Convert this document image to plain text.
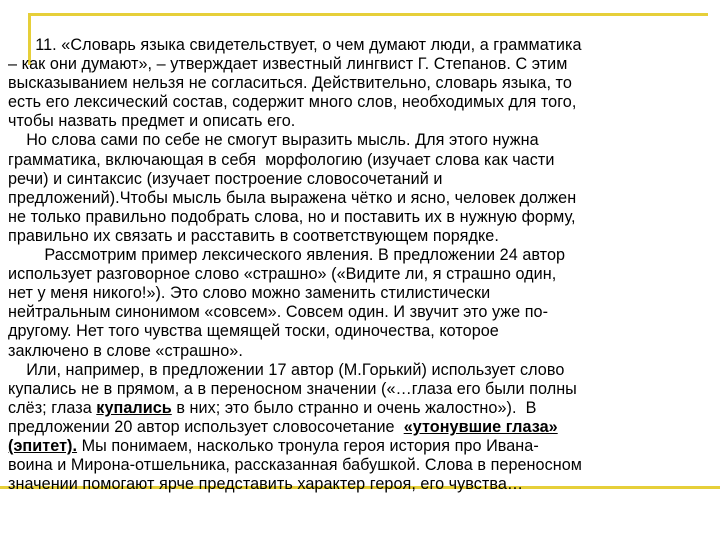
11. «Словарь языка свидетельствует, о чем думают люди, а грамматика
– как они думают», – утверждает известный лингвист Г. Степанов. С этим
высказыванием нельзя не согласиться. Действительно, словарь языка, то
есть его лексический состав, содержит много слов, необходимых для того,
чтобы назвать предмет и описать его.
Но слова сами по себе не смогут выразить мысль. Для этого нужна
грамматика, включающая в себя  морфологию (изучает слова как части
речи) и синтаксис (изучает построение словосочетаний и
предложений).Чтобы мысль была выражена чётко и ясно, человек должен
не только правильно подобрать слова, но и поставить их в нужную форму,
правильно их связать и расставить в соответствующем порядке.
Рассмотрим пример лексического явления. В предложении 24 автор
использует разговорное слово «страшно» («Видите ли, я страшно один,
нет у меня никого!»). Это слово можно заменить стилистически
нейтральным синонимом «совсем». Совсем один. И звучит это уже по-
другому. Нет того чувства щемящей тоски, одиночества, которое
заключено в слове «страшно».
Или, например, в предложении 17 автор (М.Горький) использует слово
купались не в прямом, а в переносном значении («…глаза его были полны
слёз; глаза купались в них; это было странно и очень жалостно»).  В
предложении 20 автор использует словосочетание  «утонувшие глаза»
(эпитет). Мы понимаем, насколько тронула героя история про Ивана-
воина и Мирона-отшельника, рассказанная бабушкой. Слова в переносном
значении помогают ярче представить характер героя, его чувства…
